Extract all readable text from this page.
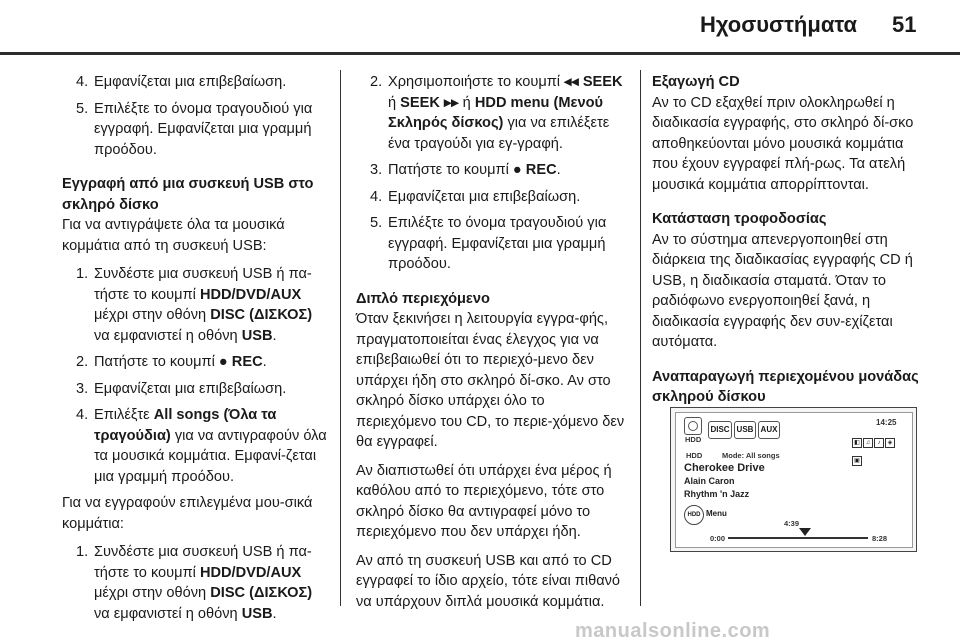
Ηχοσυστήματα 51
4. Εμφανίζεται μια επιβεβαίωση.
5. Επιλέξτε το όνομα τραγουδιού για εγγραφή. Εμφανίζεται μια γραμμή προόδου.
Εγγραφή από μια συσκευή USB στο σκληρό δίσκο

Για να αντιγράψετε όλα τα μουσικά κομμάτια από τη συσκευή USB:

1. Συνδέστε μια συσκευή USB ή πα-τήστε το κουμπί HDD/DVD/AUX μέχρι στην οθόνη DISC (ΔΙΣΚΟΣ) να εμφανιστεί η οθόνη USB.
2. Πατήστε το κουμπί ● REC.
3. Εμφανίζεται μια επιβεβαίωση.
4. Επιλέξτε All songs (Όλα τα τραγούδια) για να αντιγραφούν όλα τα μουσικά κομμάτια. Εμφανί-ζεται μια γραμμή προόδου.

Για να εγγραφούν επιλεγμένα μου-σικά κομμάτια:

1. Συνδέστε μια συσκευή USB ή πα-τήστε το κουμπί HDD/DVD/AUX μέχρι στην οθόνη DISC (ΔΙΣΚΟΣ) να εμφανιστεί η οθόνη USB.
2. Χρησιμοποιήστε το κουμπί ◂◂ SEEK ή SEEK ▸▸ ή HDD menu (Μενού Σκληρός δίσκος) για να επιλέξετε ένα τραγούδι για εγ-γραφή.
3. Πατήστε το κουμπί ● REC.
4. Εμφανίζεται μια επιβεβαίωση.
5. Επιλέξτε το όνομα τραγουδιού για εγγραφή. Εμφανίζεται μια γραμμή προόδου.
Διπλό περιεχόμενο

Όταν ξεκινήσει η λειτουργία εγγρα-φής, πραγματοποιείται ένας έλεγχος για να επιβεβαιωθεί ότι το περιεχό-μενο δεν υπάρχει ήδη στο σκληρό δί-σκο. Αν στο σκληρό δίσκο υπάρχει όλο το περιεχόμενο του CD, το περιε-χόμενο δεν θα εγγραφεί.

Αν διαπιστωθεί ότι υπάρχει ένα μέρος ή καθόλου από το περιεχόμενο, τότε στο σκληρό δίσκο θα αντιγραφεί μόνο το περιεχόμενο που δεν υπάρχει ήδη.

Αν από τη συσκευή USB και από το CD εγγραφεί το ίδιο αρχείο, τότε είναι πιθανό να υπάρχουν διπλά μουσικά κομμάτια.

Εξαγωγή CD

Αν το CD εξαχθεί πριν ολοκληρωθεί η διαδικασία εγγραφής, στο σκληρό δί-σκο αποθηκεύονται μόνο μουσικά κομμάτια που έχουν εγγραφεί πλή-ρως. Τα ατελή μουσικά κομμάτια απορρίπτονται.

Κατάσταση τροφοδοσίας

Αν το σύστημα απενεργοποιηθεί στη διάρκεια της διαδικασίας εγγραφής CD ή USB, η διαδικασία σταματά. Όταν το ραδιόφωνο ενεργοποιηθεί ξανά, η διαδικασία εγγραφής δεν συν-εχίζεται αυτόματα.

Αναπαραγωγή περιεχομένου μονάδας σκληρού δίσκου
HDD
DISC USB AUX
14:25
◧ ♫ ♪ ◈▣
HDD	Mode: All songs
Cherokee Drive
Alain Caron
Rhythm 'n Jazz
HDD Menu
4:39
0:00	8:28
manualsonline.com
